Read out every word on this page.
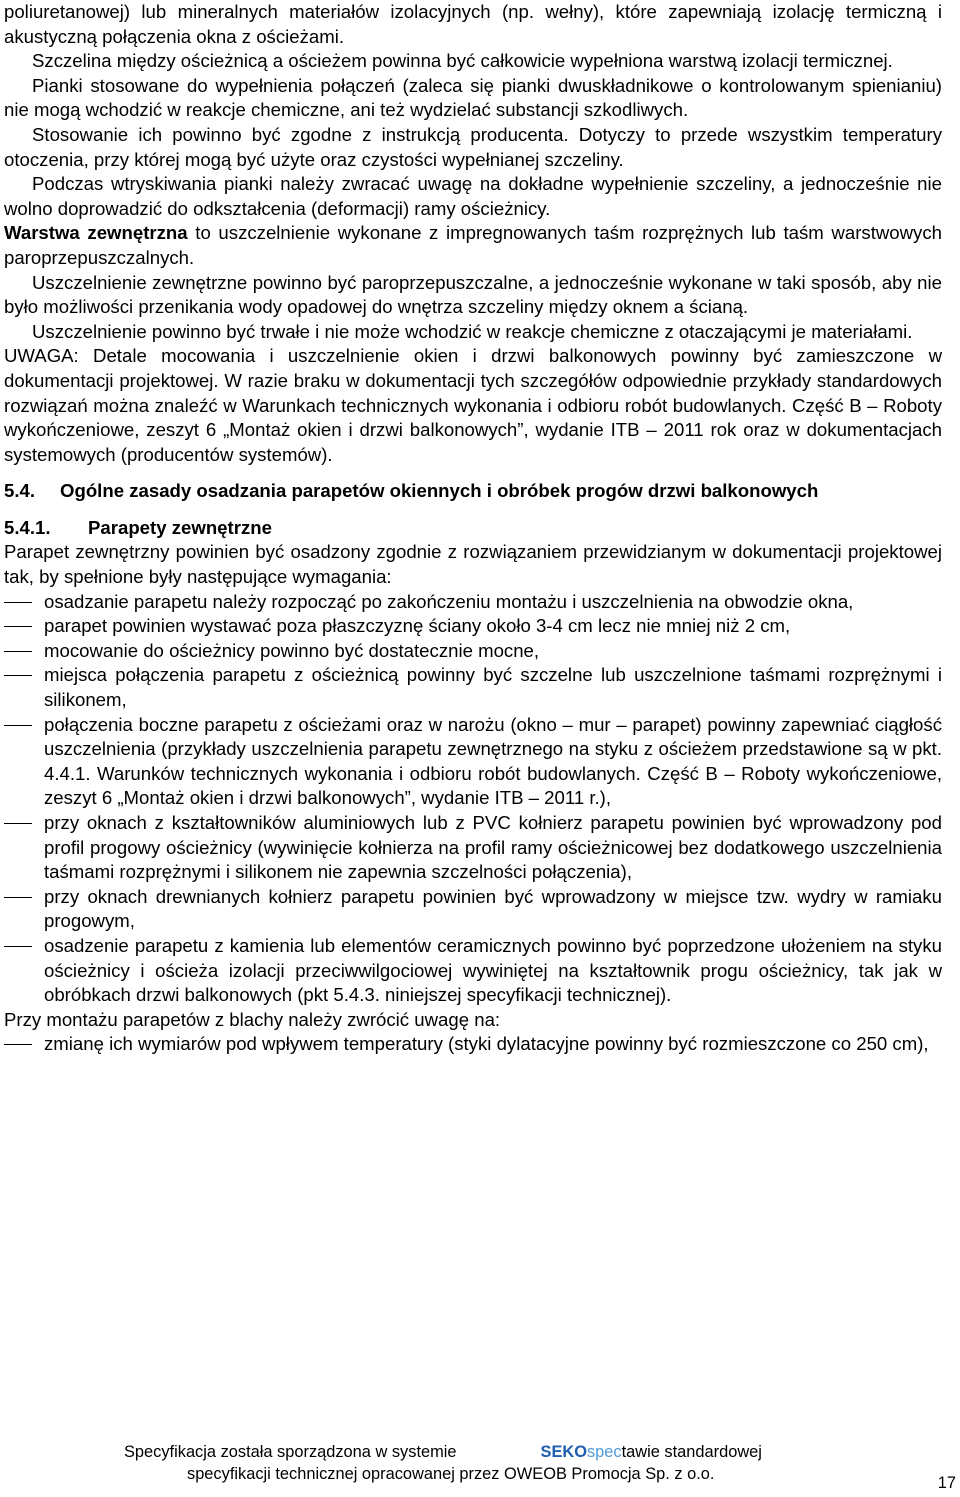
poliuretanowej) lub mineralnych materiałów izolacyjnych (np. wełny), które zapewniają izolację termiczną i akustyczną połączenia okna z ościeżami.

Szczelina między ościeżnicą a ościeżem powinna być całkowicie wypełniona warstwą izolacji termicznej.

Pianki stosowane do wypełnienia połączeń (zaleca się pianki dwuskładnikowe o kontrolowanym spienianiu) nie mogą wchodzić w reakcje chemiczne, ani też wydzielać substancji szkodliwych.

Stosowanie ich powinno być zgodne z instrukcją producenta. Dotyczy to przede wszystkim temperatury otoczenia, przy której mogą być użyte oraz czystości wypełnianej szczeliny.

Podczas wtryskiwania pianki należy zwracać uwagę na dokładne wypełnienie szczeliny, a jednocześnie nie wolno doprowadzić do odkształcenia (deformacji) ramy ościeżnicy.

Warstwa zewnętrzna to uszczelnienie wykonane z impregnowanych taśm rozprężnych lub taśm warstwowych paroprzepuszczalnych.

Uszczelnienie zewnętrzne powinno być paroprzepuszczalne, a jednocześnie wykonane w taki sposób, aby nie było możliwości przenikania wody opadowej do wnętrza szczeliny między oknem a ścianą.

Uszczelnienie powinno być trwałe i nie może wchodzić w reakcje chemiczne z otaczającymi je materiałami.

UWAGA: Detale mocowania i uszczelnienie okien i drzwi balkonowych powinny być zamieszczone w dokumentacji projektowej. W razie braku w dokumentacji tych szczegółów odpowiednie przykłady standardowych rozwiązań można znaleźć w Warunkach technicznych wykonania i odbioru robót budowlanych. Część B – Roboty wykończeniowe, zeszyt 6 „Montaż okien i drzwi balkonowych”, wydanie ITB – 2011 rok oraz w dokumentacjach systemowych (producentów systemów).

5.4. Ogólne zasady osadzania parapetów okiennych i obróbek progów drzwi balkonowych
5.4.1. Parapety zewnętrzne

Parapet zewnętrzny powinien być osadzony zgodnie z rozwiązaniem przewidzianym w dokumentacji projektowej tak, by spełnione były następujące wymagania:

osadzanie parapetu należy rozpocząć po zakończeniu montażu i uszczelnienia na obwodzie okna,
parapet powinien wystawać poza płaszczyznę ściany około 3-4 cm lecz nie mniej niż 2 cm,
mocowanie do ościeżnicy powinno być dostatecznie mocne,
miejsca połączenia parapetu z ościeżnicą powinny być szczelne lub uszczelnione taśmami rozprężnymi i silikonem,
połączenia boczne parapetu z ościeżami oraz w narożu (okno – mur – parapet) powinny zapewniać ciągłość uszczelnienia (przykłady uszczelnienia parapetu zewnętrznego na styku z ościeżem przedstawione są w pkt. 4.4.1. Warunków technicznych wykonania i odbioru robót budowlanych. Część B – Roboty wykończeniowe, zeszyt 6 „Montaż okien i drzwi balkonowych”, wydanie ITB – 2011 r.),
przy oknach z kształtowników aluminiowych lub z PVC kołnierz parapetu powinien być wprowadzony pod profil progowy ościeżnicy (wywinięcie kołnierza na profil ramy ościeżnicowej bez dodatkowego uszczelnienia taśmami rozprężnymi i silikonem nie zapewnia szczelności połączenia),
przy oknach drewnianych kołnierz parapetu powinien być wprowadzony w miejsce tzw. wydry w ramiaku progowym,
osadzenie parapetu z kamienia lub elementów ceramicznych powinno być poprzedzone ułożeniem na styku ościeżnicy i ościeża izolacji przeciwwilgociowej wywiniętej na kształtownik progu ościeżnicy, tak jak w obróbkach drzwi balkonowych (pkt 5.4.3. niniejszej specyfikacji technicznej).

Przy montażu parapetów z blachy należy zwrócić uwagę na:

zmianę ich wymiarów pod wpływem temperatury (styki dylatacyjne powinny być rozmieszczone co 250 cm),
Specyfikacja została sporządzona w systemie	SEKOspectawie standardowej
specyfikacji technicznej opracowanej przez OWEOB Promocja Sp. z o.o.	17
